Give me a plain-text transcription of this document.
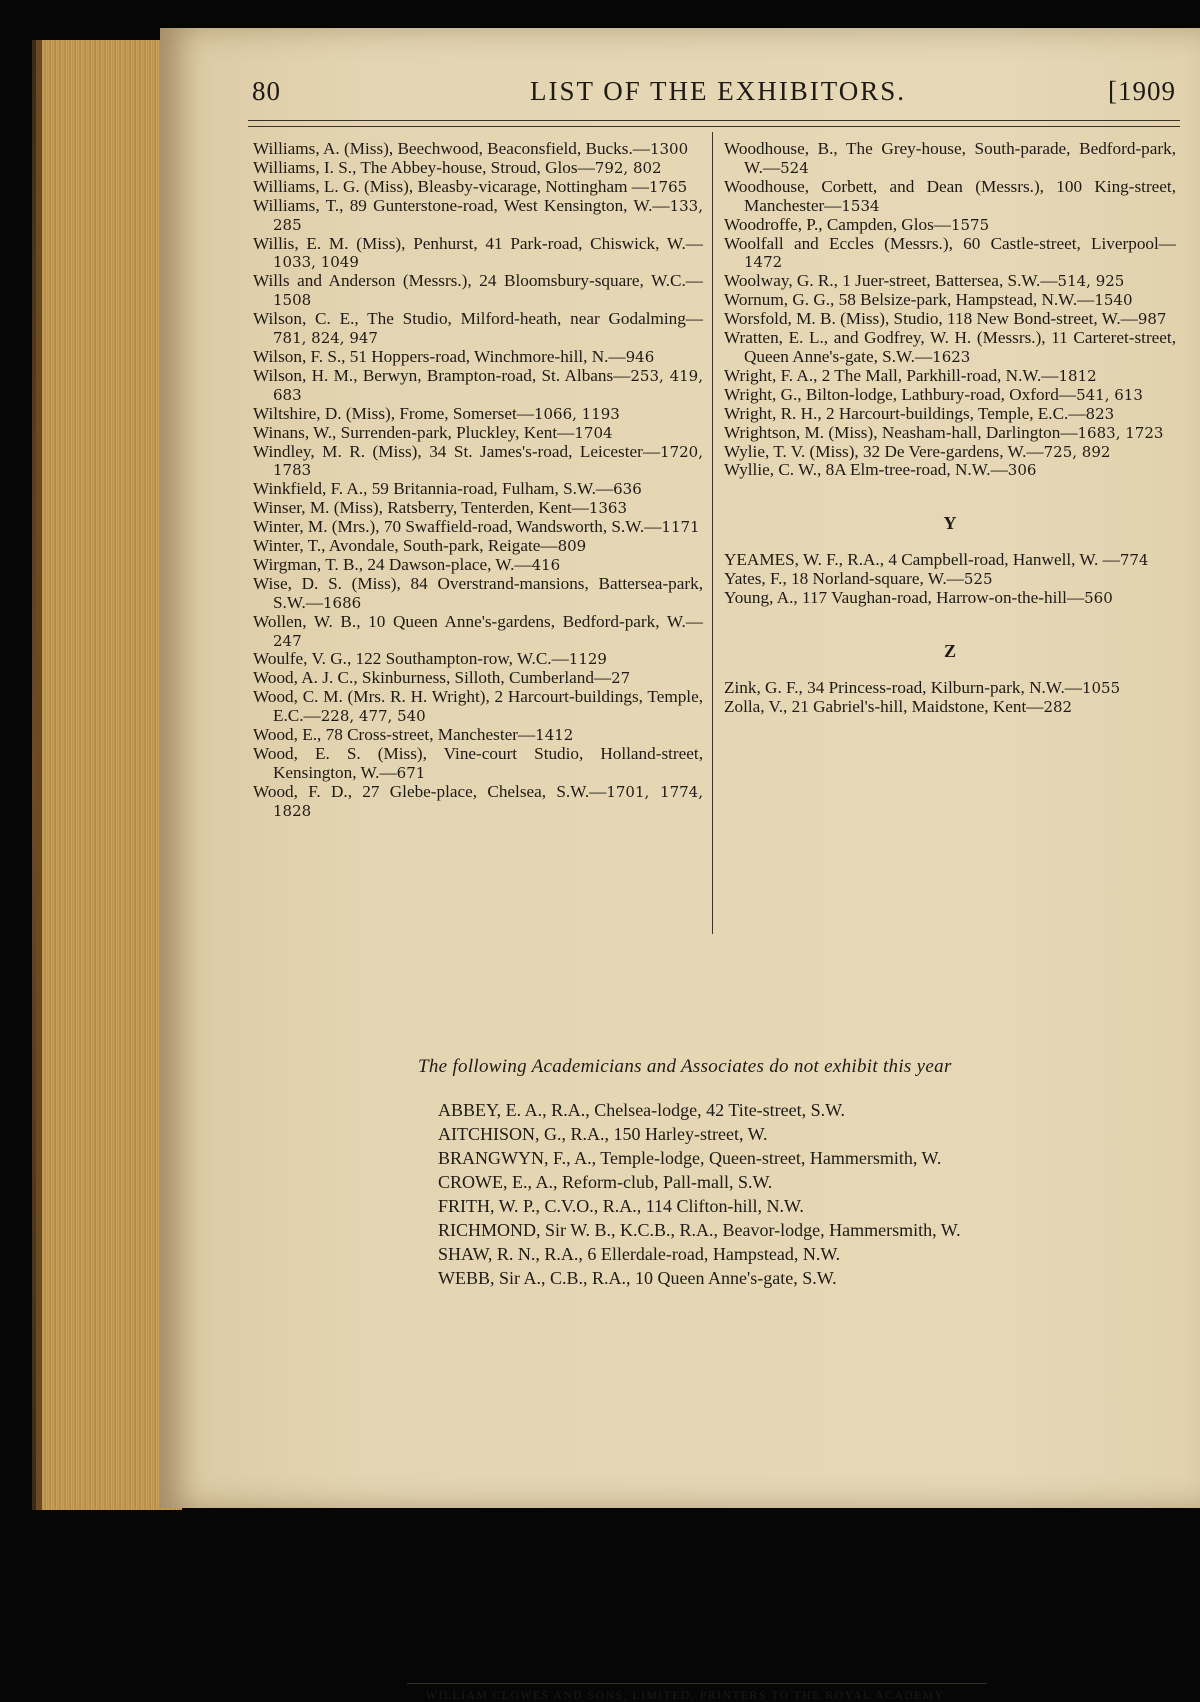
80	LIST OF THE EXHIBITORS.	[1909
Williams, A. (Miss), Beechwood, Beaconsfield, Bucks.—1300
Williams, I. S., The Abbey-house, Stroud, Glos—792, 802
Williams, L. G. (Miss), Bleasby-vicarage, Nottingham —1765
Williams, T., 89 Gunterstone-road, West Kensington, W.—133, 285
Willis, E. M. (Miss), Penhurst, 41 Park-road, Chiswick, W.—1033, 1049
Wills and Anderson (Messrs.), 24 Bloomsbury-square, W.C.—1508
Wilson, C. E., The Studio, Milford-heath, near Godalming—781, 824, 947
Wilson, F. S., 51 Hoppers-road, Winchmore-hill, N.—946
Wilson, H. M., Berwyn, Brampton-road, St. Albans—253, 419, 683
Wiltshire, D. (Miss), Frome, Somerset—1066, 1193
Winans, W., Surrenden-park, Pluckley, Kent—1704
Windley, M. R. (Miss), 34 St. James's-road, Leicester—1720, 1783
Winkfield, F. A., 59 Britannia-road, Fulham, S.W.—636
Winser, M. (Miss), Ratsberry, Tenterden, Kent—1363
Winter, M. (Mrs.), 70 Swaffield-road, Wandsworth, S.W.—1171
Winter, T., Avondale, South-park, Reigate—809
Wirgman, T. B., 24 Dawson-place, W.—416
Wise, D. S. (Miss), 84 Overstrand-mansions, Battersea-park, S.W.—1686
Wollen, W. B., 10 Queen Anne's-gardens, Bedford-park, W.—247
Woulfe, V. G., 122 Southampton-row, W.C.—1129
Wood, A. J. C., Skinburness, Silloth, Cumberland—27
Wood, C. M. (Mrs. R. H. Wright), 2 Harcourt-buildings, Temple, E.C.—228, 477, 540
Wood, E., 78 Cross-street, Manchester—1412
Wood, E. S. (Miss), Vine-court Studio, Holland-street, Kensington, W.—671
Wood, F. D., 27 Glebe-place, Chelsea, S.W.—1701, 1774, 1828
Woodhouse, B., The Grey-house, South-parade, Bedford-park, W.—524
Woodhouse, Corbett, and Dean (Messrs.), 100 King-street, Manchester—1534
Woodroffe, P., Campden, Glos—1575
Woolfall and Eccles (Messrs.), 60 Castle-street, Liverpool—1472
Woolway, G. R., 1 Juer-street, Battersea, S.W.—514, 925
Wornum, G. G., 58 Belsize-park, Hampstead, N.W.—1540
Worsfold, M. B. (Miss), Studio, 118 New Bond-street, W.—987
Wratten, E. L., and Godfrey, W. H. (Messrs.), 11 Carteret-street, Queen Anne's-gate, S.W.—1623
Wright, F. A., 2 The Mall, Parkhill-road, N.W.—1812
Wright, G., Bilton-lodge, Lathbury-road, Oxford—541, 613
Wright, R. H., 2 Harcourt-buildings, Temple, E.C.—823
Wrightson, M. (Miss), Neasham-hall, Darlington—1683, 1723
Wylie, T. V. (Miss), 32 De Vere-gardens, W.—725, 892
Wyllie, C. W., 8A Elm-tree-road, N.W.—306
Y
YEAMES, W. F., R.A., 4 Campbell-road, Hanwell, W. —774
Yates, F., 18 Norland-square, W.—525
Young, A., 117 Vaughan-road, Harrow-on-the-hill—560
Z
Zink, G. F., 34 Princess-road, Kilburn-park, N.W.—1055
Zolla, V., 21 Gabriel's-hill, Maidstone, Kent—282
The following Academicians and Associates do not exhibit this year
ABBEY, E. A., R.A., Chelsea-lodge, 42 Tite-street, S.W.
AITCHISON, G., R.A., 150 Harley-street, W.
BRANGWYN, F., A., Temple-lodge, Queen-street, Hammersmith, W.
CROWE, E., A., Reform-club, Pall-mall, S.W.
FRITH, W. P., C.V.O., R.A., 114 Clifton-hill, N.W.
RICHMOND, Sir W. B., K.C.B., R.A., Beavor-lodge, Hammersmith, W.
SHAW, R. N., R.A., 6 Ellerdale-road, Hampstead, N.W.
WEBB, Sir A., C.B., R.A., 10 Queen Anne's-gate, S.W.
WILLIAM CLOWES AND SONS, LIMITED, PRINTERS TO THE ROYAL ACADEMY
